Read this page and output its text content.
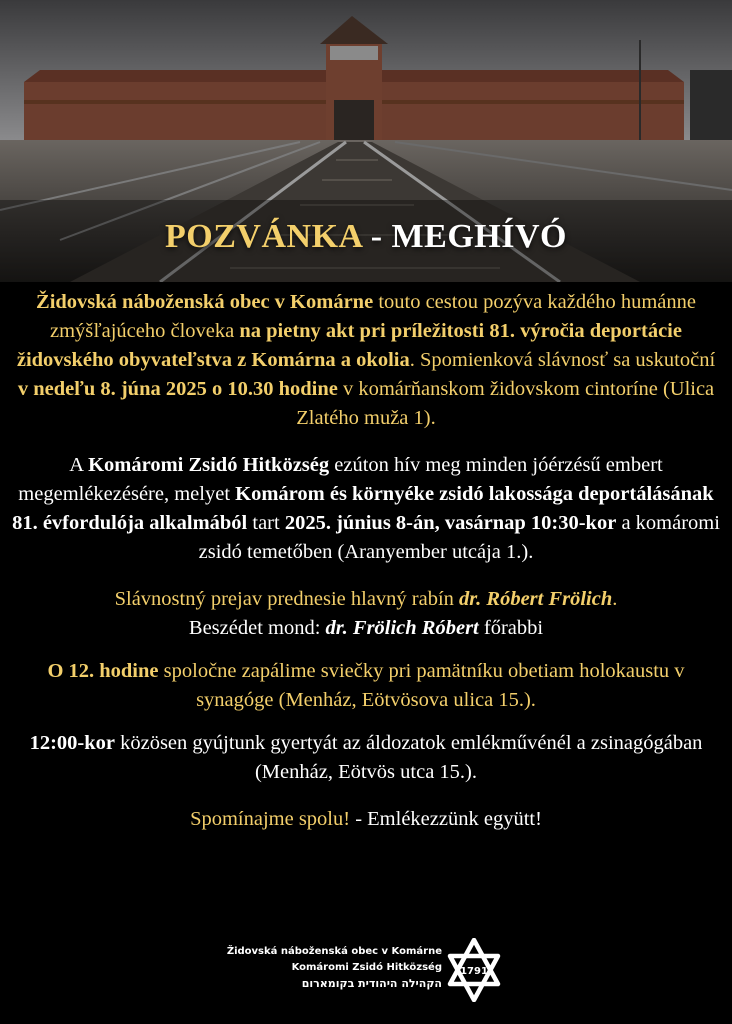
POZVÁNKA - MEGHÍVÓ

Židovská náboženská obec v Komárne touto cestou pozýva každého humánne zmýšľajúceho človeka na pietny akt pri príležitosti 81. výročia deportácie židovského obyvateľstva z Komárna a okolia. Spomienková slávnosť sa uskutoční v nedeľu 8. júna 2025 o 10.30 hodine v komárňanskom židovskom cintoríne (Ulica Zlatého muža 1).

A Komáromi Zsidó Hitközség ezúton hív meg minden jóérzésű embert megemlékezésére, melyet Komárom és környéke zsidó lakossága deportálásának 81. évfordulója alkalmából tart 2025. június 8-án, vasárnap 10:30-kor a komáromi zsidó temetőben (Aranyember utcája 1.).

Slávnostný prejav prednesie hlavný rabín dr. Róbert Frölich.
Beszédet mond: dr. Frölich Róbert főrabbi

O 12. hodine spoločne zapálime sviečky pri pamätníku obetiam holokaustu v synagóge (Menház, Eötvösova ulica 15.).

12:00-kor közösen gyújtunk gyertyát az áldozatok emlékművénél a zsinagógában (Menház, Eötvös utca 15.).

Spomínajme spolu! - Emlékezzünk együtt!

Židovská náboženská obec v Komárne
Komáromi Zsidó Hitközség
הקהילה היהודית בקומארום
1791
